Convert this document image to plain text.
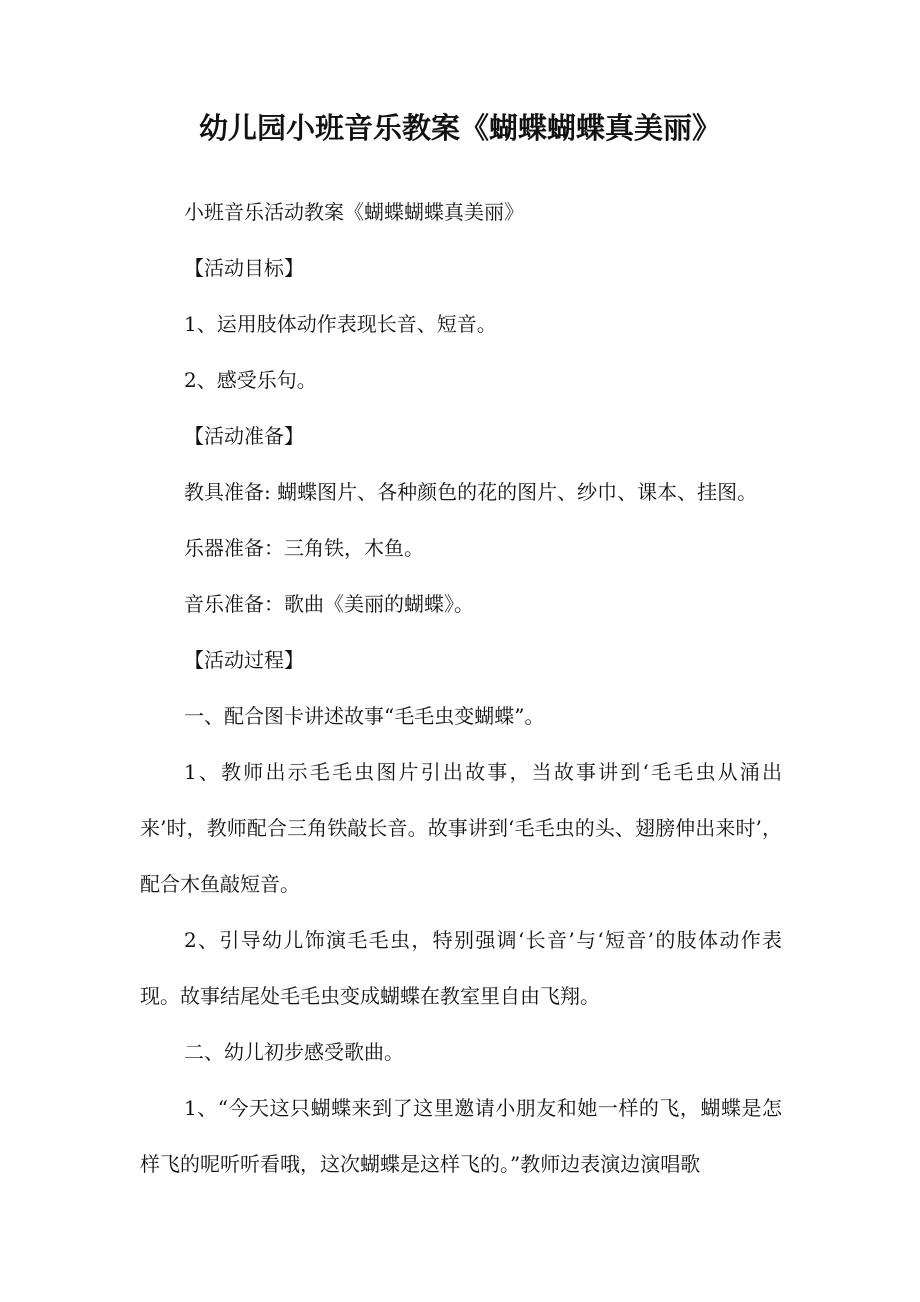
幼儿园小班音乐教案《蝴蝶蝴蝶真美丽》
小班音乐活动教案《蝴蝶蝴蝶真美丽》
【活动目标】
1、运用肢体动作表现长音、短音。
2、感受乐句。
【活动准备】
教具准备: 蝴蝶图片、各种颜色的花的图片、纱巾、课本、挂图。
乐器准备：三角铁，木鱼。
音乐准备：歌曲《美丽的蝴蝶》。
【活动过程】
一、配合图卡讲述故事“毛毛虫变蝴蝶”。
1、教师出示毛毛虫图片引出故事，当故事讲到‘毛毛虫从涌出来’时，教师配合三角铁敲长音。故事讲到‘毛毛虫的头、翅膀伸出来时’，配合木鱼敲短音。
2、引导幼儿饰演毛毛虫，特别强调‘长音’与‘短音’的肢体动作表现。故事结尾处毛毛虫变成蝴蝶在教室里自由飞翔。
二、幼儿初步感受歌曲。
1、“今天这只蝴蝶来到了这里邀请小朋友和她一样的飞，蝴蝶是怎样飞的呢听听看哦，这次蝴蝶是这样飞的。”教师边表演边演唱歌
